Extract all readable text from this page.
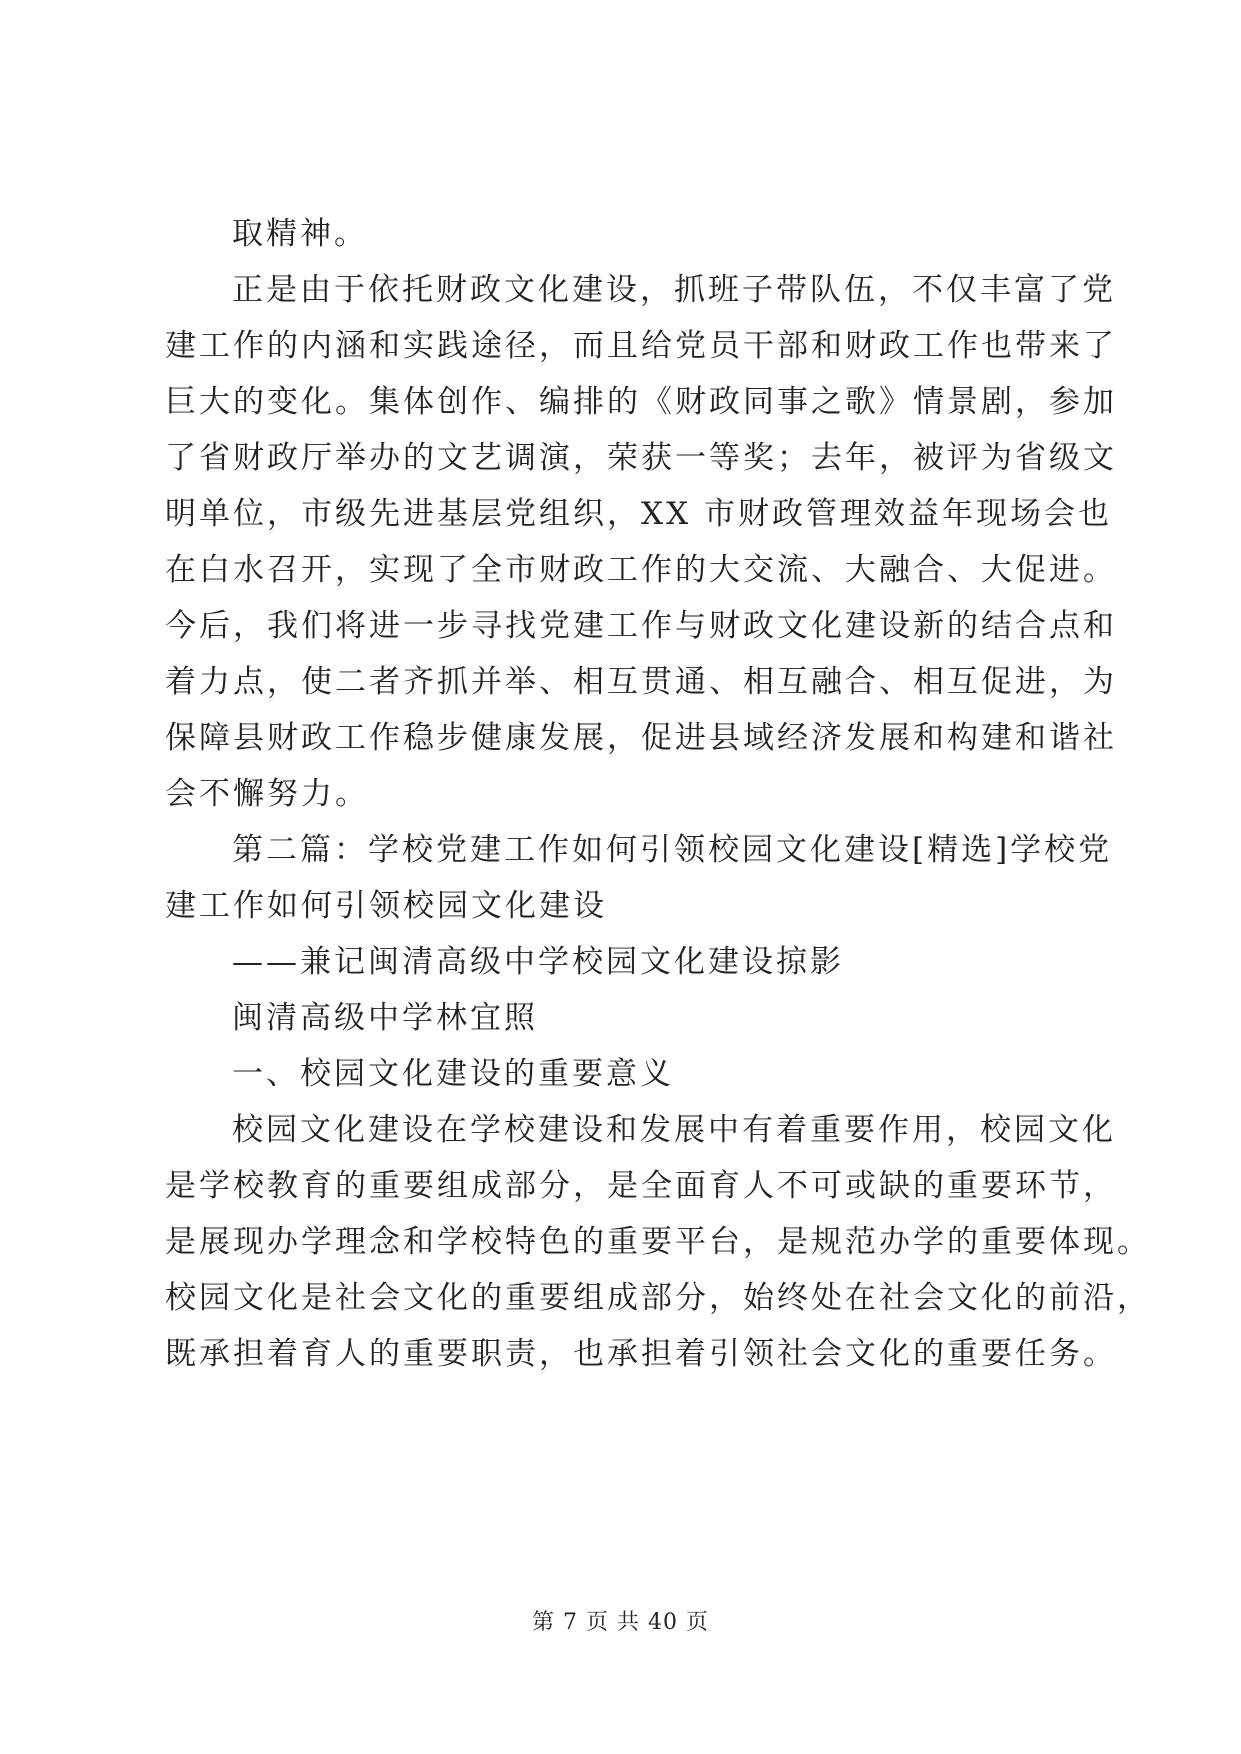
取精神。
正是由于依托财政文化建设，抓班子带队伍，不仅丰富了党
建工作的内涵和实践途径，而且给党员干部和财政工作也带来了
巨大的变化。集体创作、编排的《财政同事之歌》情景剧，参加
了省财政厅举办的文艺调演，荣获一等奖；去年，被评为省级文
明单位，市级先进基层党组织，XX 市财政管理效益年现场会也
在白水召开，实现了全市财政工作的大交流、大融合、大促进。
今后，我们将进一步寻找党建工作与财政文化建设新的结合点和
着力点，使二者齐抓并举、相互贯通、相互融合、相互促进，为
保障县财政工作稳步健康发展，促进县域经济发展和构建和谐社
会不懈努力。
第二篇：学校党建工作如何引领校园文化建设[精选]学校党
建工作如何引领校园文化建设
——兼记闽清高级中学校园文化建设掠影
闽清高级中学林宜照
一、校园文化建设的重要意义
校园文化建设在学校建设和发展中有着重要作用，校园文化
是学校教育的重要组成部分，是全面育人不可或缺的重要环节，
是展现办学理念和学校特色的重要平台，是规范办学的重要体现。
校园文化是社会文化的重要组成部分，始终处在社会文化的前沿，
既承担着育人的重要职责，也承担着引领社会文化的重要任务。
第 7 页 共 40 页
